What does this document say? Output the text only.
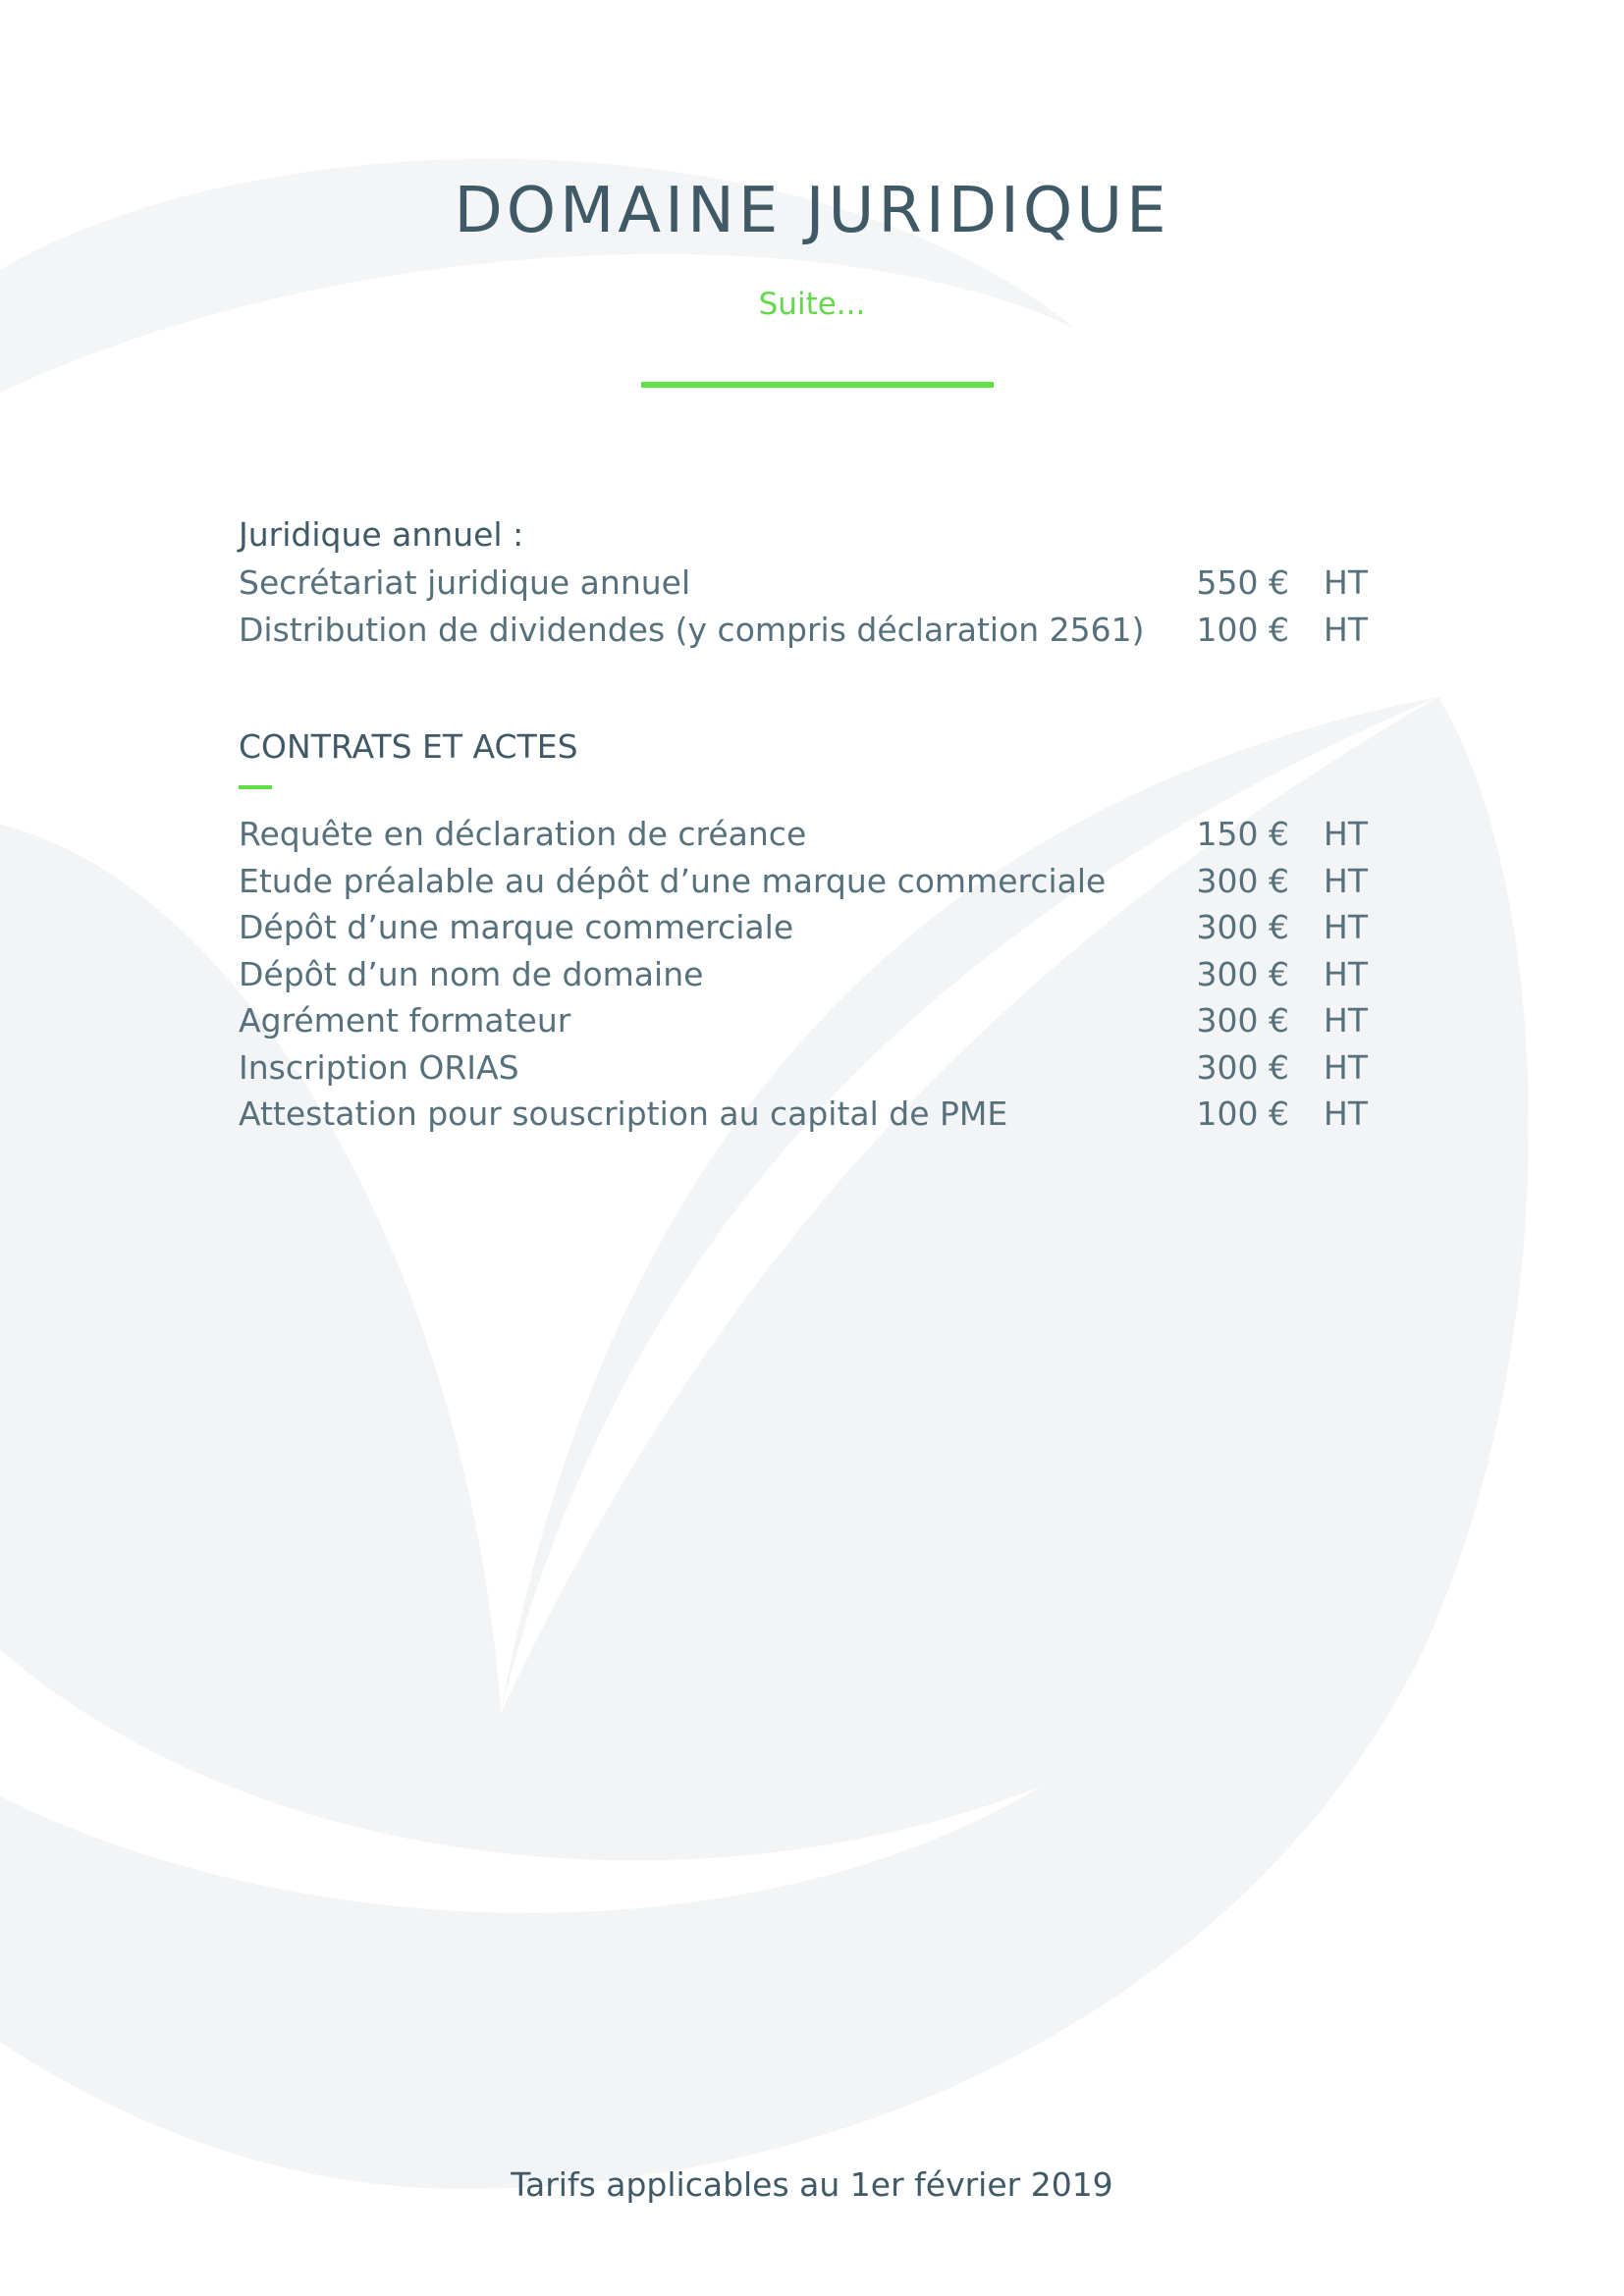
DOMAINE JURIDIQUE

Suite...

Juridique annuel :

Secrétariat juridique annuel	550 €	HT
Distribution de dividendes (y compris déclaration 2561)	100 €	HT

CONTRATS ET ACTES

Requête en déclaration de créance	150 €	HT
Etude préalable au dépôt d’une marque commerciale	300 €	HT
Dépôt d’une marque commerciale	300 €	HT
Dépôt d’un nom de domaine	300 €	HT
Agrément formateur	300 €	HT
Inscription ORIAS	300 €	HT
Attestation pour souscription au capital de PME	100 €	HT

Tarifs applicables au 1er février 2019
